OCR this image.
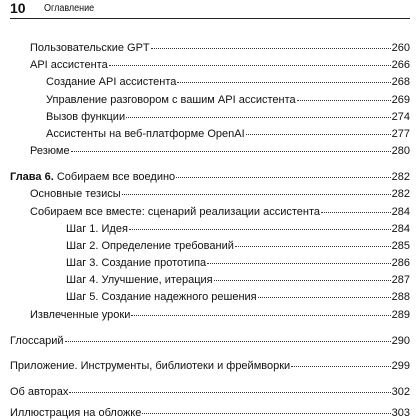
10 Оглавление
Пользовательские GPT	260
API ассистента	266
Создание API ассистента	268
Управление разговором с вашим API ассистента	269
Вызов функции	274
Ассистенты на веб-платформе OpenAI	277
Резюме	280
Глава 6. Собираем все воедино	282
Основные тезисы	282
Собираем все вместе: сценарий реализации ассистента	284
Шаг 1. Идея	284
Шаг 2. Определение требований	285
Шаг 3. Создание прототипа	286
Шаг 4. Улучшение, итерация	287
Шаг 5. Создание надежного решения	288
Извлеченные уроки	289
Глоссарий	290
Приложение. Инструменты, библиотеки и фреймворки	299
Об авторах	302
Иллюстрация на обложке	303
